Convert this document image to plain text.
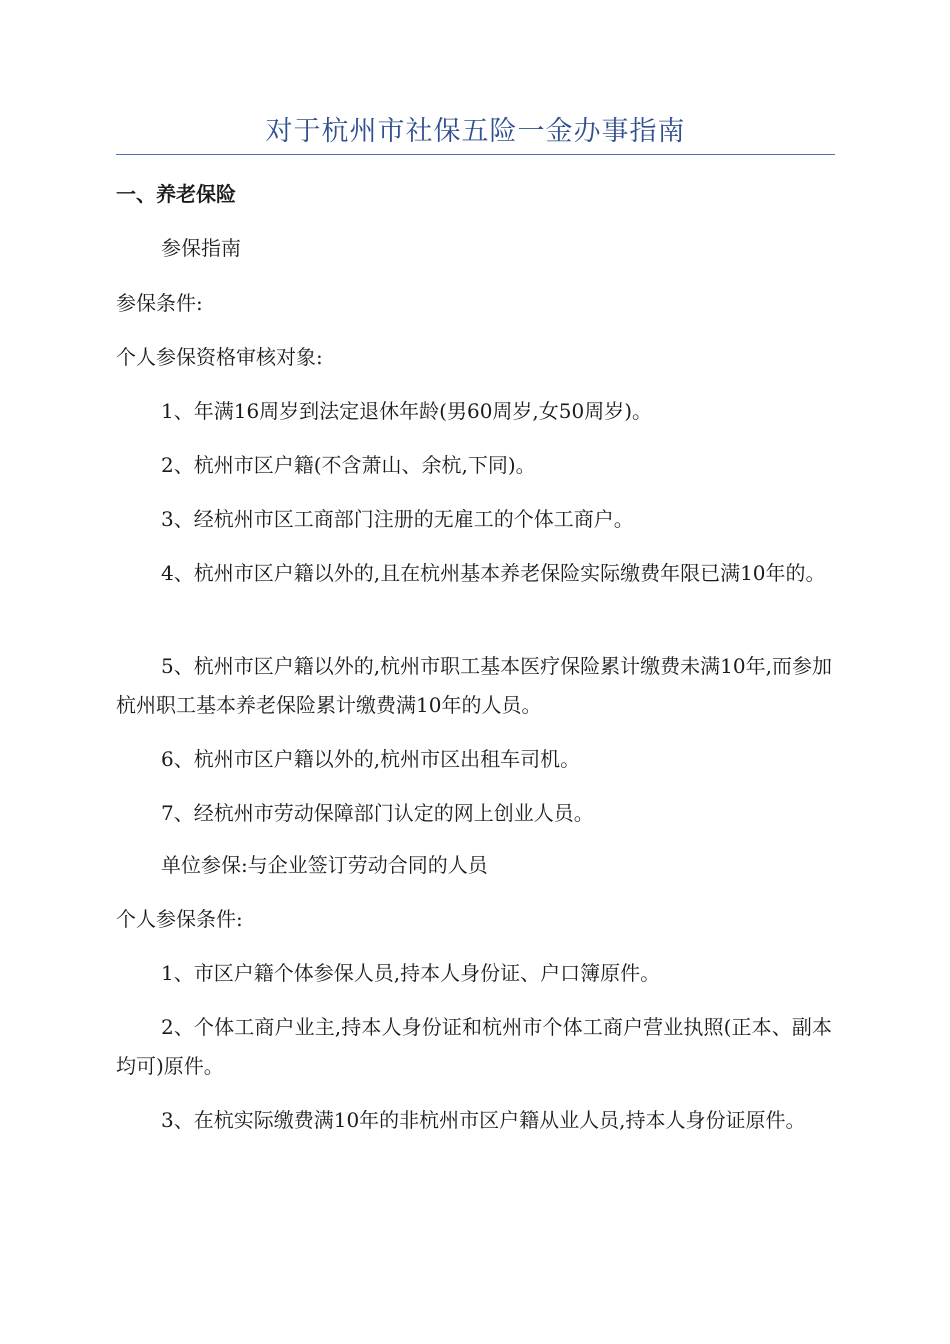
对于杭州市社保五险一金办事指南
一、养老保险
参保指南
参保条件:
个人参保资格审核对象:
1、年满16周岁到法定退休年龄(男60周岁,女50周岁)。
2、杭州市区户籍(不含萧山、余杭,下同)。
3、经杭州市区工商部门注册的无雇工的个体工商户。
4、杭州市区户籍以外的,且在杭州基本养老保险实际缴费年限已满10年的。
5、杭州市区户籍以外的,杭州市职工基本医疗保险累计缴费未满10年,而参加杭州职工基本养老保险累计缴费满10年的人员。
6、杭州市区户籍以外的,杭州市区出租车司机。
7、经杭州市劳动保障部门认定的网上创业人员。
单位参保:与企业签订劳动合同的人员
个人参保条件:
1、市区户籍个体参保人员,持本人身份证、户口簿原件。
2、个体工商户业主,持本人身份证和杭州市个体工商户营业执照(正本、副本均可)原件。
3、在杭实际缴费满10年的非杭州市区户籍从业人员,持本人身份证原件。
